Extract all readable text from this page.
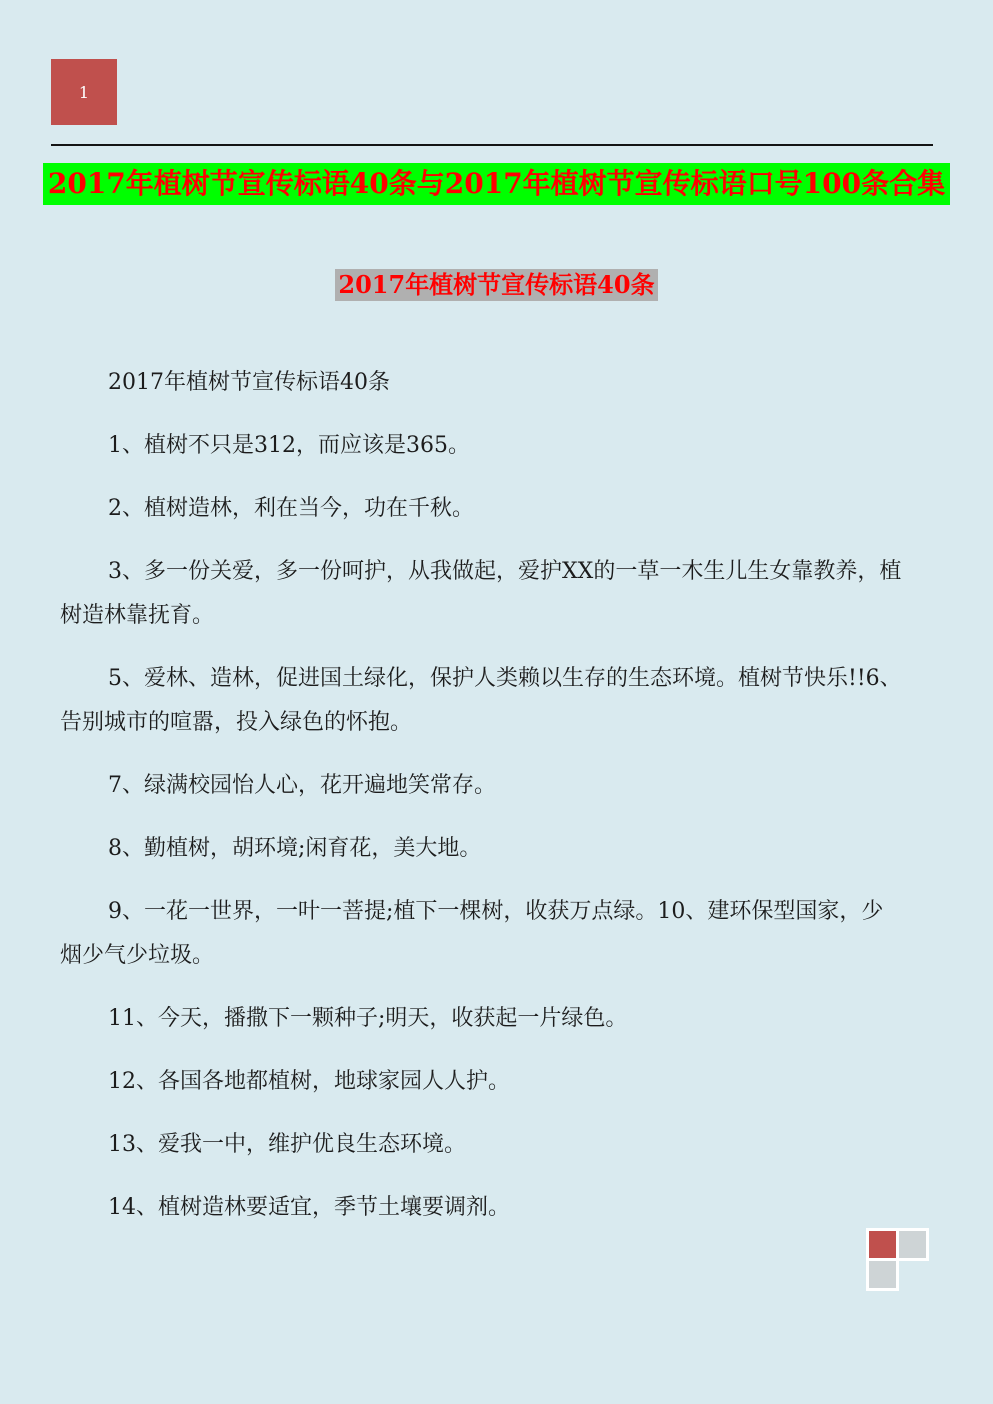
1
2017年植树节宣传标语40条与2017年植树节宣传标语口号100条合集
2017年植树节宣传标语40条

2017年植树节宣传标语40条

1、植树不只是312，而应该是365。

2、植树造林，利在当今，功在千秋。

3、多一份关爱，多一份呵护，从我做起，爱护XX的一草一木生儿生女靠教养，植树造林靠抚育。

5、爱林、造林，促进国土绿化，保护人类赖以生存的生态环境。植树节快乐!!6、告别城市的喧嚣，投入绿色的怀抱。

7、绿满校园怡人心，花开遍地笑常存。

8、勤植树，胡环境;闲育花，美大地。

9、一花一世界，一叶一菩提;植下一棵树，收获万点绿。10、建环保型国家，少烟少气少垃圾。

11、今天，播撒下一颗种子;明天，收获起一片绿色。

12、各国各地都植树，地球家园人人护。

13、爱我一中，维护优良生态环境。

14、植树造林要适宜，季节土壤要调剂。
